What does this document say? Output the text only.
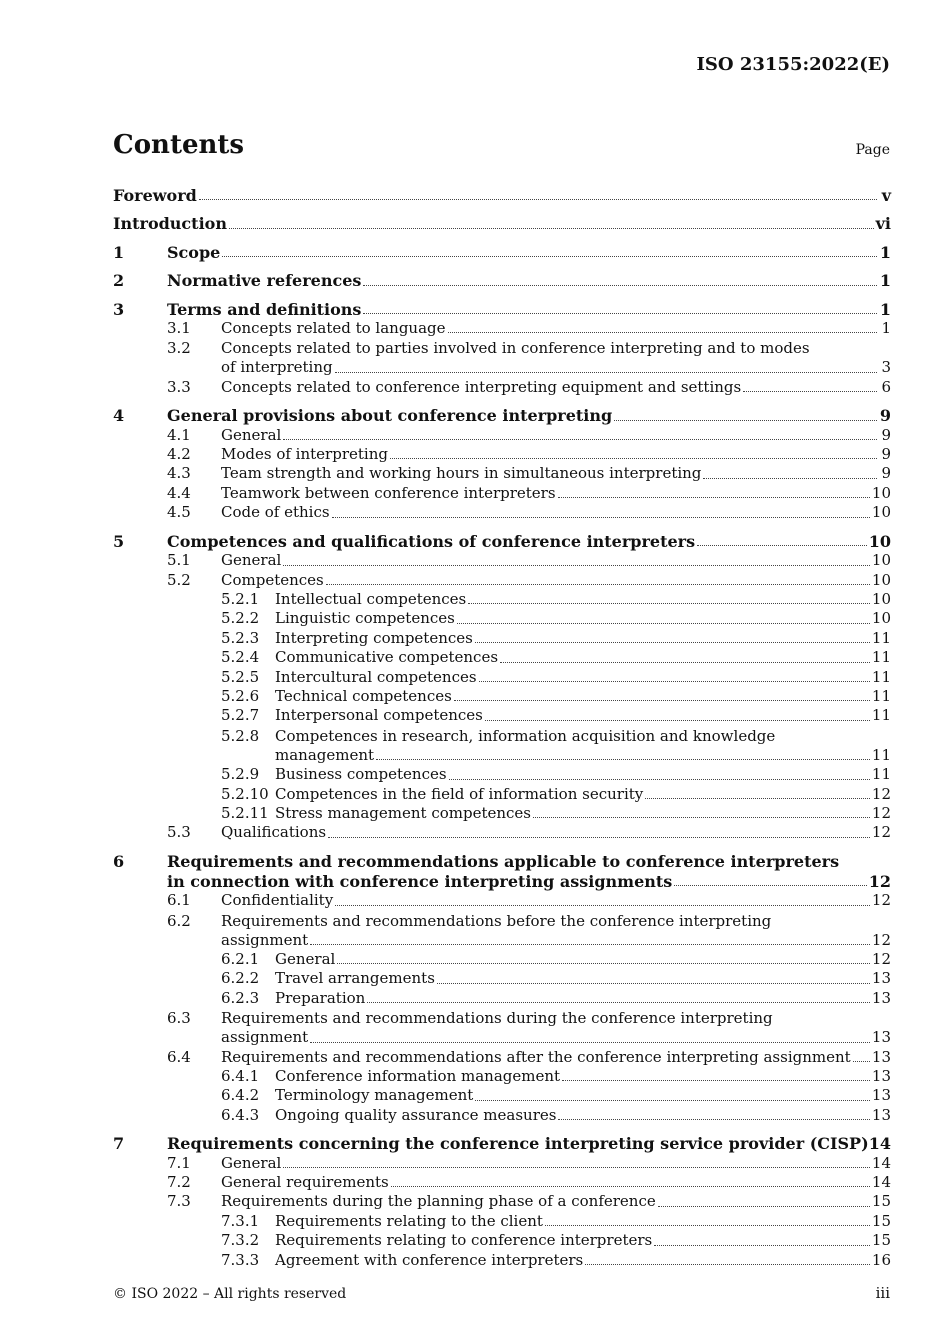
ISO 23155:2022(E)
Contents	Page
Foreword	v
Introduction	vi
1	Scope	1
2	Normative references	1
3	Terms and definitions	1
3.1	Concepts related to language	1
3.2	Concepts related to parties involved in conference interpreting and to modes
of interpreting	3
3.3	Concepts related to conference interpreting equipment and settings	6
4	General provisions about conference interpreting	9
4.1	General	9
4.2	Modes of interpreting	9
4.3	Team strength and working hours in simultaneous interpreting	9
4.4	Teamwork between conference interpreters	10
4.5	Code of ethics	10
5	Competences and qualifications of conference interpreters	10
5.1	General	10
5.2	Competences	10
5.2.1	Intellectual competences	10
5.2.2	Linguistic competences	10
5.2.3	Interpreting competences	11
5.2.4	Communicative competences	11
5.2.5	Intercultural competences	11
5.2.6	Technical competences	11
5.2.7	Interpersonal competences	11
5.2.8	Competences in research, information acquisition and knowledge
management	11
5.2.9	Business competences	11
5.2.10 Competences in the field of information security	12
5.2.11 Stress management competences	12
5.3	Qualifications	12
6	Requirements and recommendations applicable to conference interpreters
in connection with conference interpreting assignments	12
6.1	Confidentiality	12
6.2	Requirements and recommendations before the conference interpreting
assignment	12
6.2.1	General	12
6.2.2	Travel arrangements	13
6.2.3	Preparation	13
6.3	Requirements and recommendations during the conference interpreting
assignment	13
6.4	Requirements and recommendations after the conference interpreting assignment 13
6.4.1	Conference information management	13
6.4.2	Terminology management	13
6.4.3	Ongoing quality assurance measures	13
7	Requirements concerning the conference interpreting service provider (CISP) 14
7.1	General	14
7.2	General requirements	14
7.3	Requirements during the planning phase of a conference	15
7.3.1	Requirements relating to the client	15
7.3.2	Requirements relating to conference interpreters	15
7.3.3	Agreement with conference interpreters	16
© ISO 2022 – All rights reserved	iii
